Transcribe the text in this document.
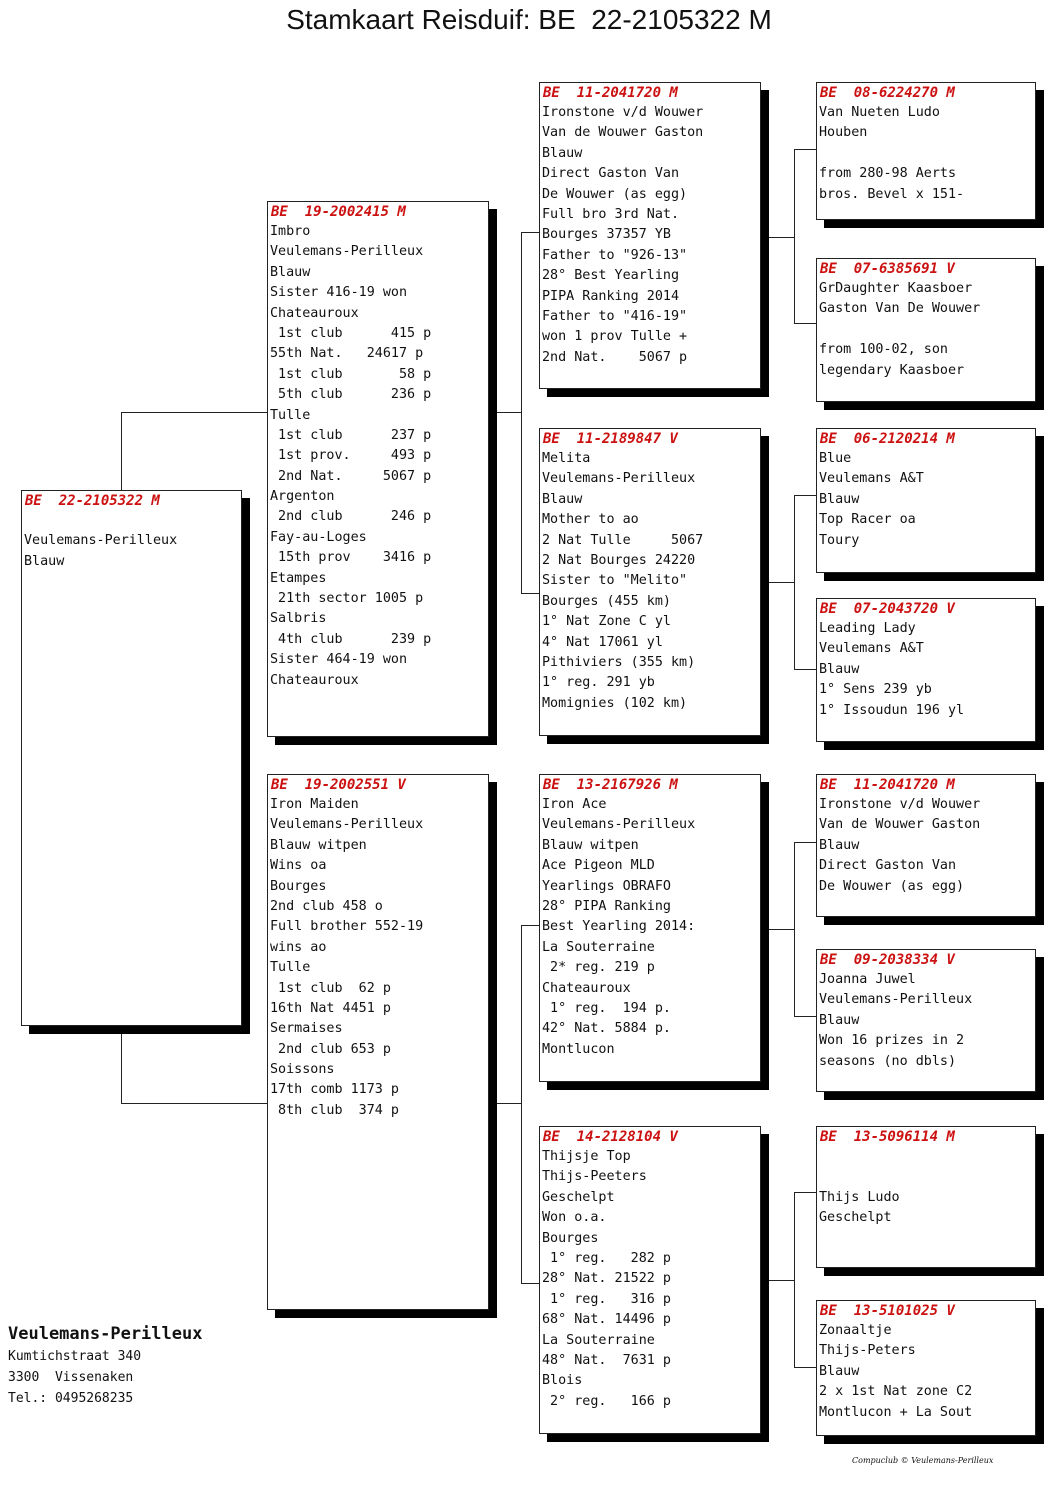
Stamkaart Reisduif: BE  22-2105322 M
BE  22-2105322 M
Veulemans-Perilleux
Blauw
BE  19-2002415 M
Imbro
Veulemans-Perilleux
Blauw
Sister 416-19 won
Chateauroux
1st club      415 p
55th Nat.   24617 p
1st club       58 p
5th club      236 p
Tulle
1st club      237 p
1st prov.     493 p
2nd Nat.     5067 p
Argenton
2nd club      246 p
Fay-au-Loges
15th prov    3416 p
Etampes
21th sector 1005 p
Salbris
4th club      239 p
Sister 464-19 won
Chateauroux
BE  19-2002551 V
Iron Maiden
Veulemans-Perilleux
Blauw witpen
Wins oa
Bourges
2nd club 458 o
Full brother 552-19
wins ao
Tulle
1st club  62 p
16th Nat 4451 p
Sermaises
2nd club 653 p
Soissons
17th comb 1173 p
8th club  374 p
BE  11-2041720 M
Ironstone v/d Wouwer
Van de Wouwer Gaston
Blauw
Direct Gaston Van
De Wouwer (as egg)
Full bro 3rd Nat.
Bourges 37357 YB
Father to "926-13"
28° Best Yearling
PIPA Ranking 2014
Father to "416-19"
won 1 prov Tulle +
2nd Nat.    5067 p
BE  11-2189847 V
Melita
Veulemans-Perilleux
Blauw
Mother to ao
2 Nat Tulle     5067
2 Nat Bourges 24220
Sister to "Melito"
Bourges (455 km)
1° Nat Zone C yl
4° Nat 17061 yl
Pithiviers (355 km)
1° reg. 291 yb
Momignies (102 km)
BE  13-2167926 M
Iron Ace
Veulemans-Perilleux
Blauw witpen
Ace Pigeon MLD
Yearlings OBRAFO
28° PIPA Ranking
Best Yearling 2014:
La Souterraine
2* reg. 219 p
Chateauroux
1° reg.  194 p.
42° Nat. 5884 p.
Montlucon
BE  14-2128104 V
Thijsje Top
Thijs-Peeters
Geschelpt
Won o.a.
Bourges
1° reg.   282 p
28° Nat. 21522 p
1° reg.   316 p
68° Nat. 14496 p
La Souterraine
48° Nat.  7631 p
Blois
2° reg.   166 p
BE  08-6224270 M
Van Nueten Ludo
Houben
from 280-98 Aerts
bros. Bevel x 151-
BE  07-6385691 V
GrDaughter Kaasboer
Gaston Van De Wouwer
from 100-02, son
legendary Kaasboer
BE  06-2120214 M
Blue
Veulemans A&T
Blauw
Top Racer oa
Toury
BE  07-2043720 V
Leading Lady
Veulemans A&T
Blauw
1° Sens 239 yb
1° Issoudun 196 yl
BE  11-2041720 M
Ironstone v/d Wouwer
Van de Wouwer Gaston
Blauw
Direct Gaston Van
De Wouwer (as egg)
BE  09-2038334 V
Joanna Juwel
Veulemans-Perilleux
Blauw
Won 16 prizes in 2
seasons (no dbls)
BE  13-5096114 M
Thijs Ludo
Geschelpt
BE  13-5101025 V
Zonaaltje
Thijs-Peters
Blauw
2 x 1st Nat zone C2
Montlucon + La Sout
Veulemans-Perilleux
Kumtichstraat 340
3300  Vissenaken
Tel.: 0495268235
Compuclub © Veulemans-Perilleux
